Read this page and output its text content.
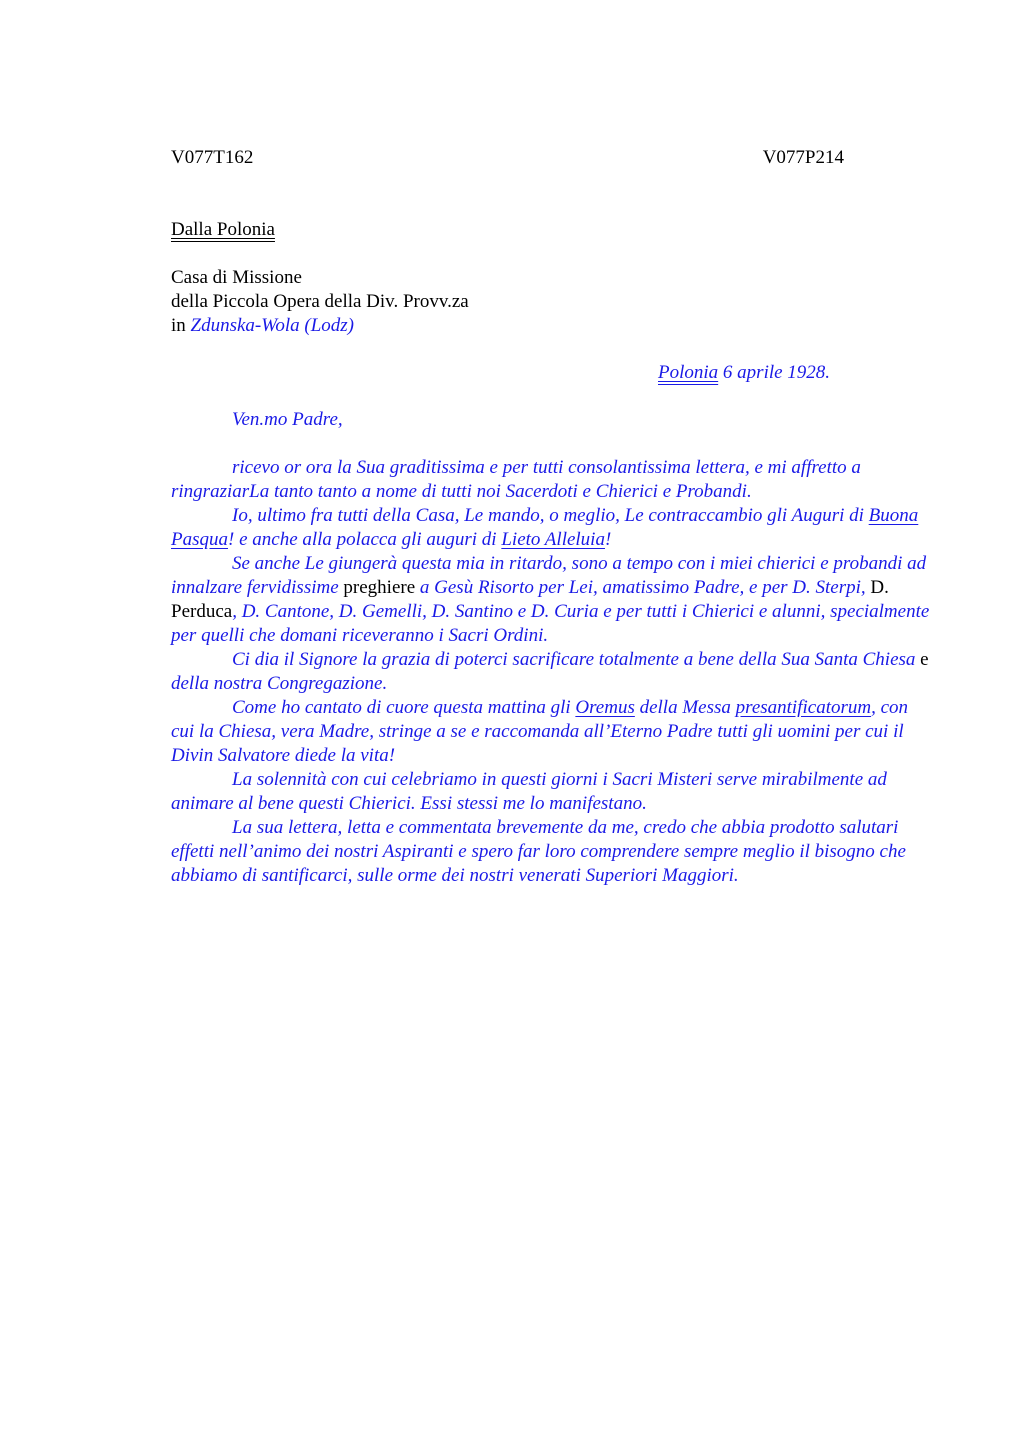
V077T162	V077P214
Dalla Polonia
Casa di Missione
della Piccola Opera della Div. Provv.za
in Zdunska-Wola (Lodz)
Polonia 6 aprile 1928.
Ven.mo Padre,

ricevo or ora la Sua graditissima e per tutti consolantissima lettera, e mi affretto a ringraziarLa tanto tanto a nome di tutti noi Sacerdoti e Chierici e Probandi.

Io, ultimo fra tutti della Casa, Le mando, o meglio, Le contraccambio gli Auguri di Buona Pasqua! e anche alla polacca gli auguri di Lieto Alleluia!

Se anche Le giungerà questa mia in ritardo, sono a tempo con i miei chierici e probandi ad innalzare fervidissime preghiere a Gesù Risorto per Lei, amatissimo Padre, e per D. Sterpi, D. Perduca, D. Cantone, D. Gemelli, D. Santino e D. Curia e per tutti i Chierici e alunni, specialmente per quelli che domani riceveranno i Sacri Ordini.

Ci dia il Signore la grazia di poterci sacrificare totalmente a bene della Sua Santa Chiesa e della nostra Congregazione.

Come ho cantato di cuore questa mattina gli Oremus della Messa presantificatorum, con cui la Chiesa, vera Madre, stringe a se e raccomanda all’Eterno Padre tutti gli uomini per cui il Divin Salvatore diede la vita!

La solennità con cui celebriamo in questi giorni i Sacri Misteri serve mirabilmente ad animare al bene questi Chierici. Essi stessi me lo manifestano.

La sua lettera, letta e commentata brevemente da me, credo che abbia prodotto salutari effetti nell’animo dei nostri Aspiranti e spero far loro comprendere sempre meglio il bisogno che abbiamo di santificarci, sulle orme dei nostri venerati Superiori Maggiori.
